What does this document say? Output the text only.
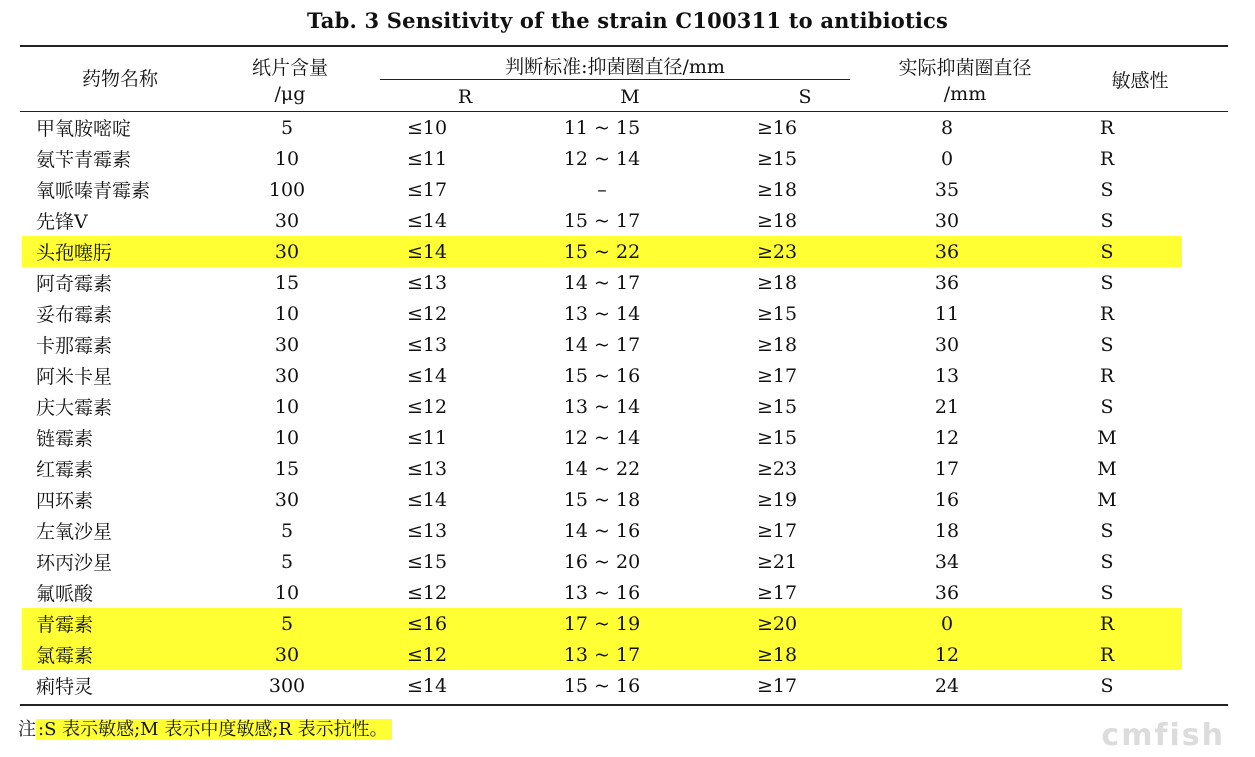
Tab. 3 Sensitivity of the strain C100311 to antibiotics
药物名称	纸片含量
/μg
判断标准:抑菌圈直径/mm
R	M	S
实际抑菌圈直径
/mm
敏感性
甲氧胺嘧啶	5	≤10	11 ~ 15	≥16	8	R
氨苄青霉素	10	≤11	12 ~ 14	≥15	0	R
氧哌嗪青霉素	100	≤17	–	≥18	35	S
先锋Ⅴ	30	≤14	15 ~ 17	≥18	30	S
头孢噻肟	30	≤14	15 ~ 22	≥23	36	S
阿奇霉素	15	≤13	14 ~ 17	≥18	36	S
妥布霉素	10	≤12	13 ~ 14	≥15	11	R
卡那霉素	30	≤13	14 ~ 17	≥18	30	S
阿米卡星	30	≤14	15 ~ 16	≥17	13	R
庆大霉素	10	≤12	13 ~ 14	≥15	21	S
链霉素	10	≤11	12 ~ 14	≥15	12	M
红霉素	15	≤13	14 ~ 22	≥23	17	M
四环素	30	≤14	15 ~ 18	≥19	16	M
左氧沙星	5	≤13	14 ~ 16	≥17	18	S
环丙沙星	5	≤15	16 ~ 20	≥21	34	S
氟哌酸	10	≤12	13 ~ 16	≥17	36	S
青霉素	5	≤16	17 ~ 19	≥20	0	R
氯霉素	30	≤12	13 ~ 17	≥18	12	R
痢特灵	300	≤14	15 ~ 16	≥17	24	S
注 :S 表示敏感;M 表示中度敏感;R 表示抗性。	cmfish
